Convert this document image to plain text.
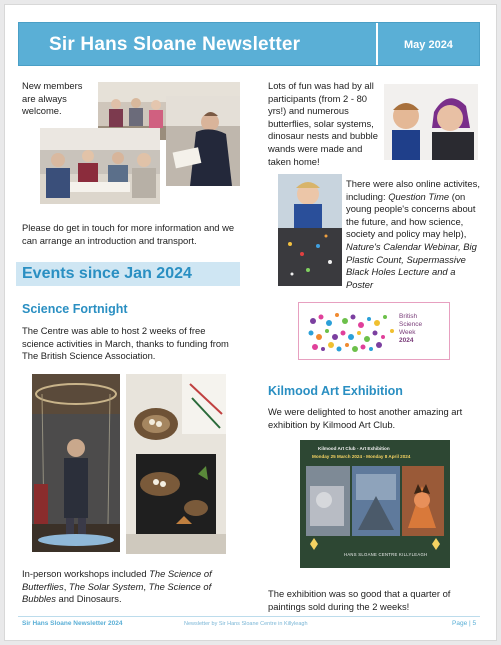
Sir Hans Sloane Newsletter	May 2024
New members are always welcome.
Please do get in touch for more information and we can arrange an introduction and transport.
Events since Jan 2024
Science Fortnight
The Centre was able to host 2 weeks of free science activities in March, thanks to funding from The British Science Association.
In-person workshops included The Science of Butterflies, The Solar System, The Science of Bubbles and Dinosaurs.
Lots of fun was had by all participants (from 2 - 80 yrs!) and numerous butterflies, solar systems, dinosaur nests and bubble wands were made and taken home!
There were also online activites, including: Question Time (on young people's concerns about the future, and how science, society and policy may help), Nature's Calendar Webinar, Big Plastic Count, Supermassive Black Holes Lecture and a Poster
British
Science
Week
2024
Kilmood Art Exhibition
We were delighted to host another amazing art exhibition by Kilmood Art Club.
Kilmood Art Club - Art Exhibition
Monday 25 March 2024 - Monday 8 April 2024
HANS SLOANE CENTRE KILLYLEAGH
The exhibition was so good that a quarter of paintings sold during the 2 weeks!
Sir Hans Sloane Newsletter 2024	Newsletter by Sir Hans Sloane Centre in Killyleagh	Page | 5
